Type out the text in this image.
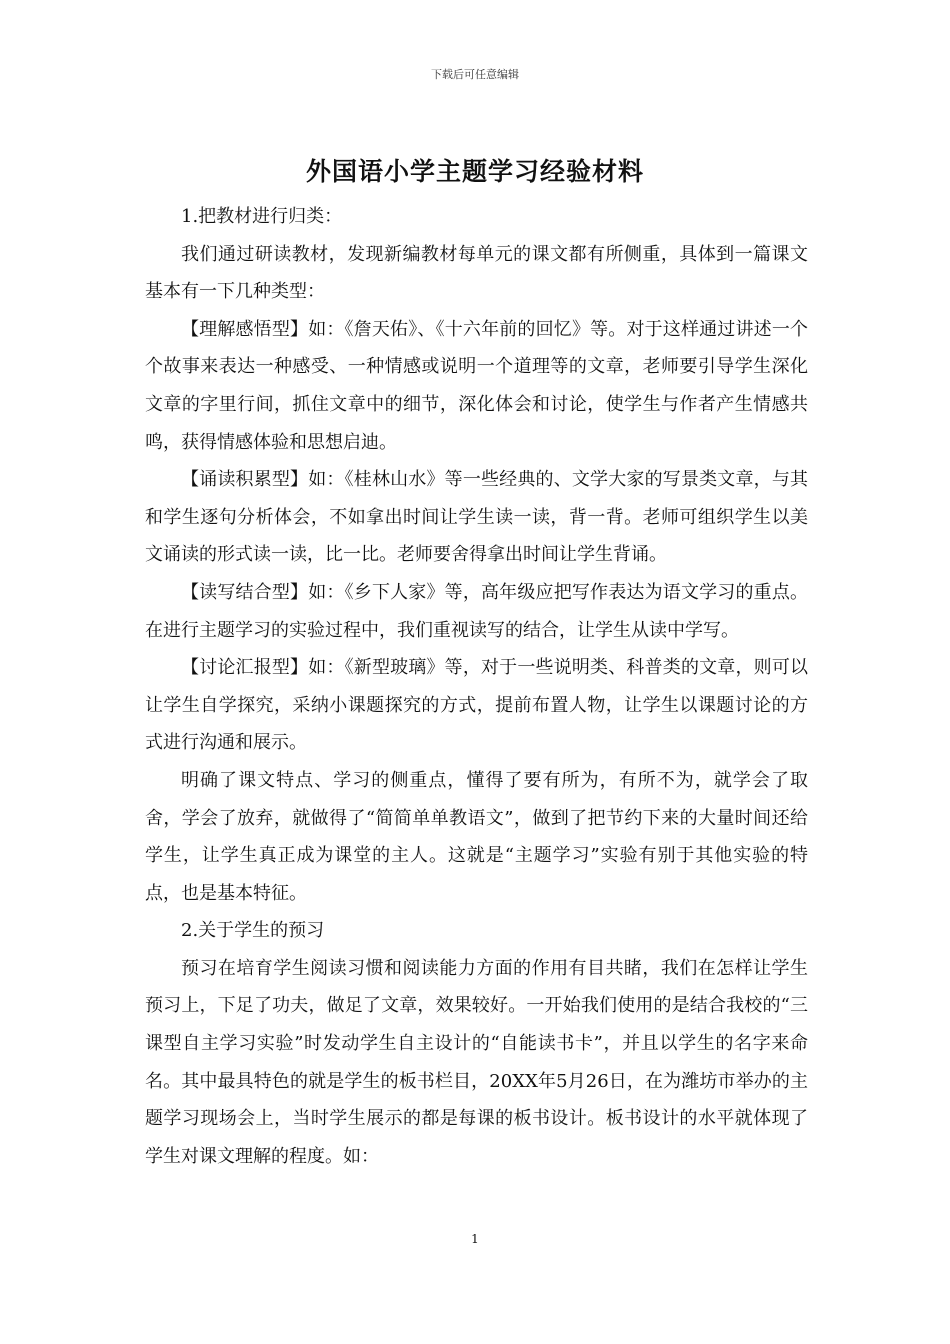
下载后可任意编辑
外国语小学主题学习经验材料

1.把教材进行归类：

我们通过研读教材，发现新编教材每单元的课文都有所侧重，具体到一篇课文基本有一下几种类型：

【理解感悟型】如：《詹天佑》、《十六年前的回忆》等。对于这样通过讲述一个个故事来表达一种感受、一种情感或说明一个道理等的文章，老师要引导学生深化文章的字里行间，抓住文章中的细节，深化体会和讨论，使学生与作者产生情感共鸣，获得情感体验和思想启迪。

【诵读积累型】如：《桂林山水》等一些经典的、文学大家的写景类文章，与其和学生逐句分析体会，不如拿出时间让学生读一读，背一背。老师可组织学生以美文诵读的形式读一读，比一比。老师要舍得拿出时间让学生背诵。

【读写结合型】如：《乡下人家》等，高年级应把写作表达为语文学习的重点。在进行主题学习的实验过程中，我们重视读写的结合，让学生从读中学写。

【讨论汇报型】如：《新型玻璃》等，对于一些说明类、科普类的文章，则可以让学生自学探究，采纳小课题探究的方式，提前布置人物，让学生以课题讨论的方式进行沟通和展示。

明确了课文特点、学习的侧重点，懂得了要有所为，有所不为，就学会了取舍，学会了放弃，就做得了“简简单单教语文”，做到了把节约下来的大量时间还给学生，让学生真正成为课堂的主人。这就是“主题学习”实验有别于其他实验的特点，也是基本特征。

2.关于学生的预习

预习在培育学生阅读习惯和阅读能力方面的作用有目共睹，我们在怎样让学生预习上，下足了功夫，做足了文章，效果较好。一开始我们使用的是结合我校的“三课型自主学习实验”时发动学生自主设计的“自能读书卡”，并且以学生的名字来命名。其中最具特色的就是学生的板书栏目，20XX年5月26日，在为潍坊市举办的主题学习现场会上，当时学生展示的都是每课的板书设计。板书设计的水平就体现了学生对课文理解的程度。如：

1
